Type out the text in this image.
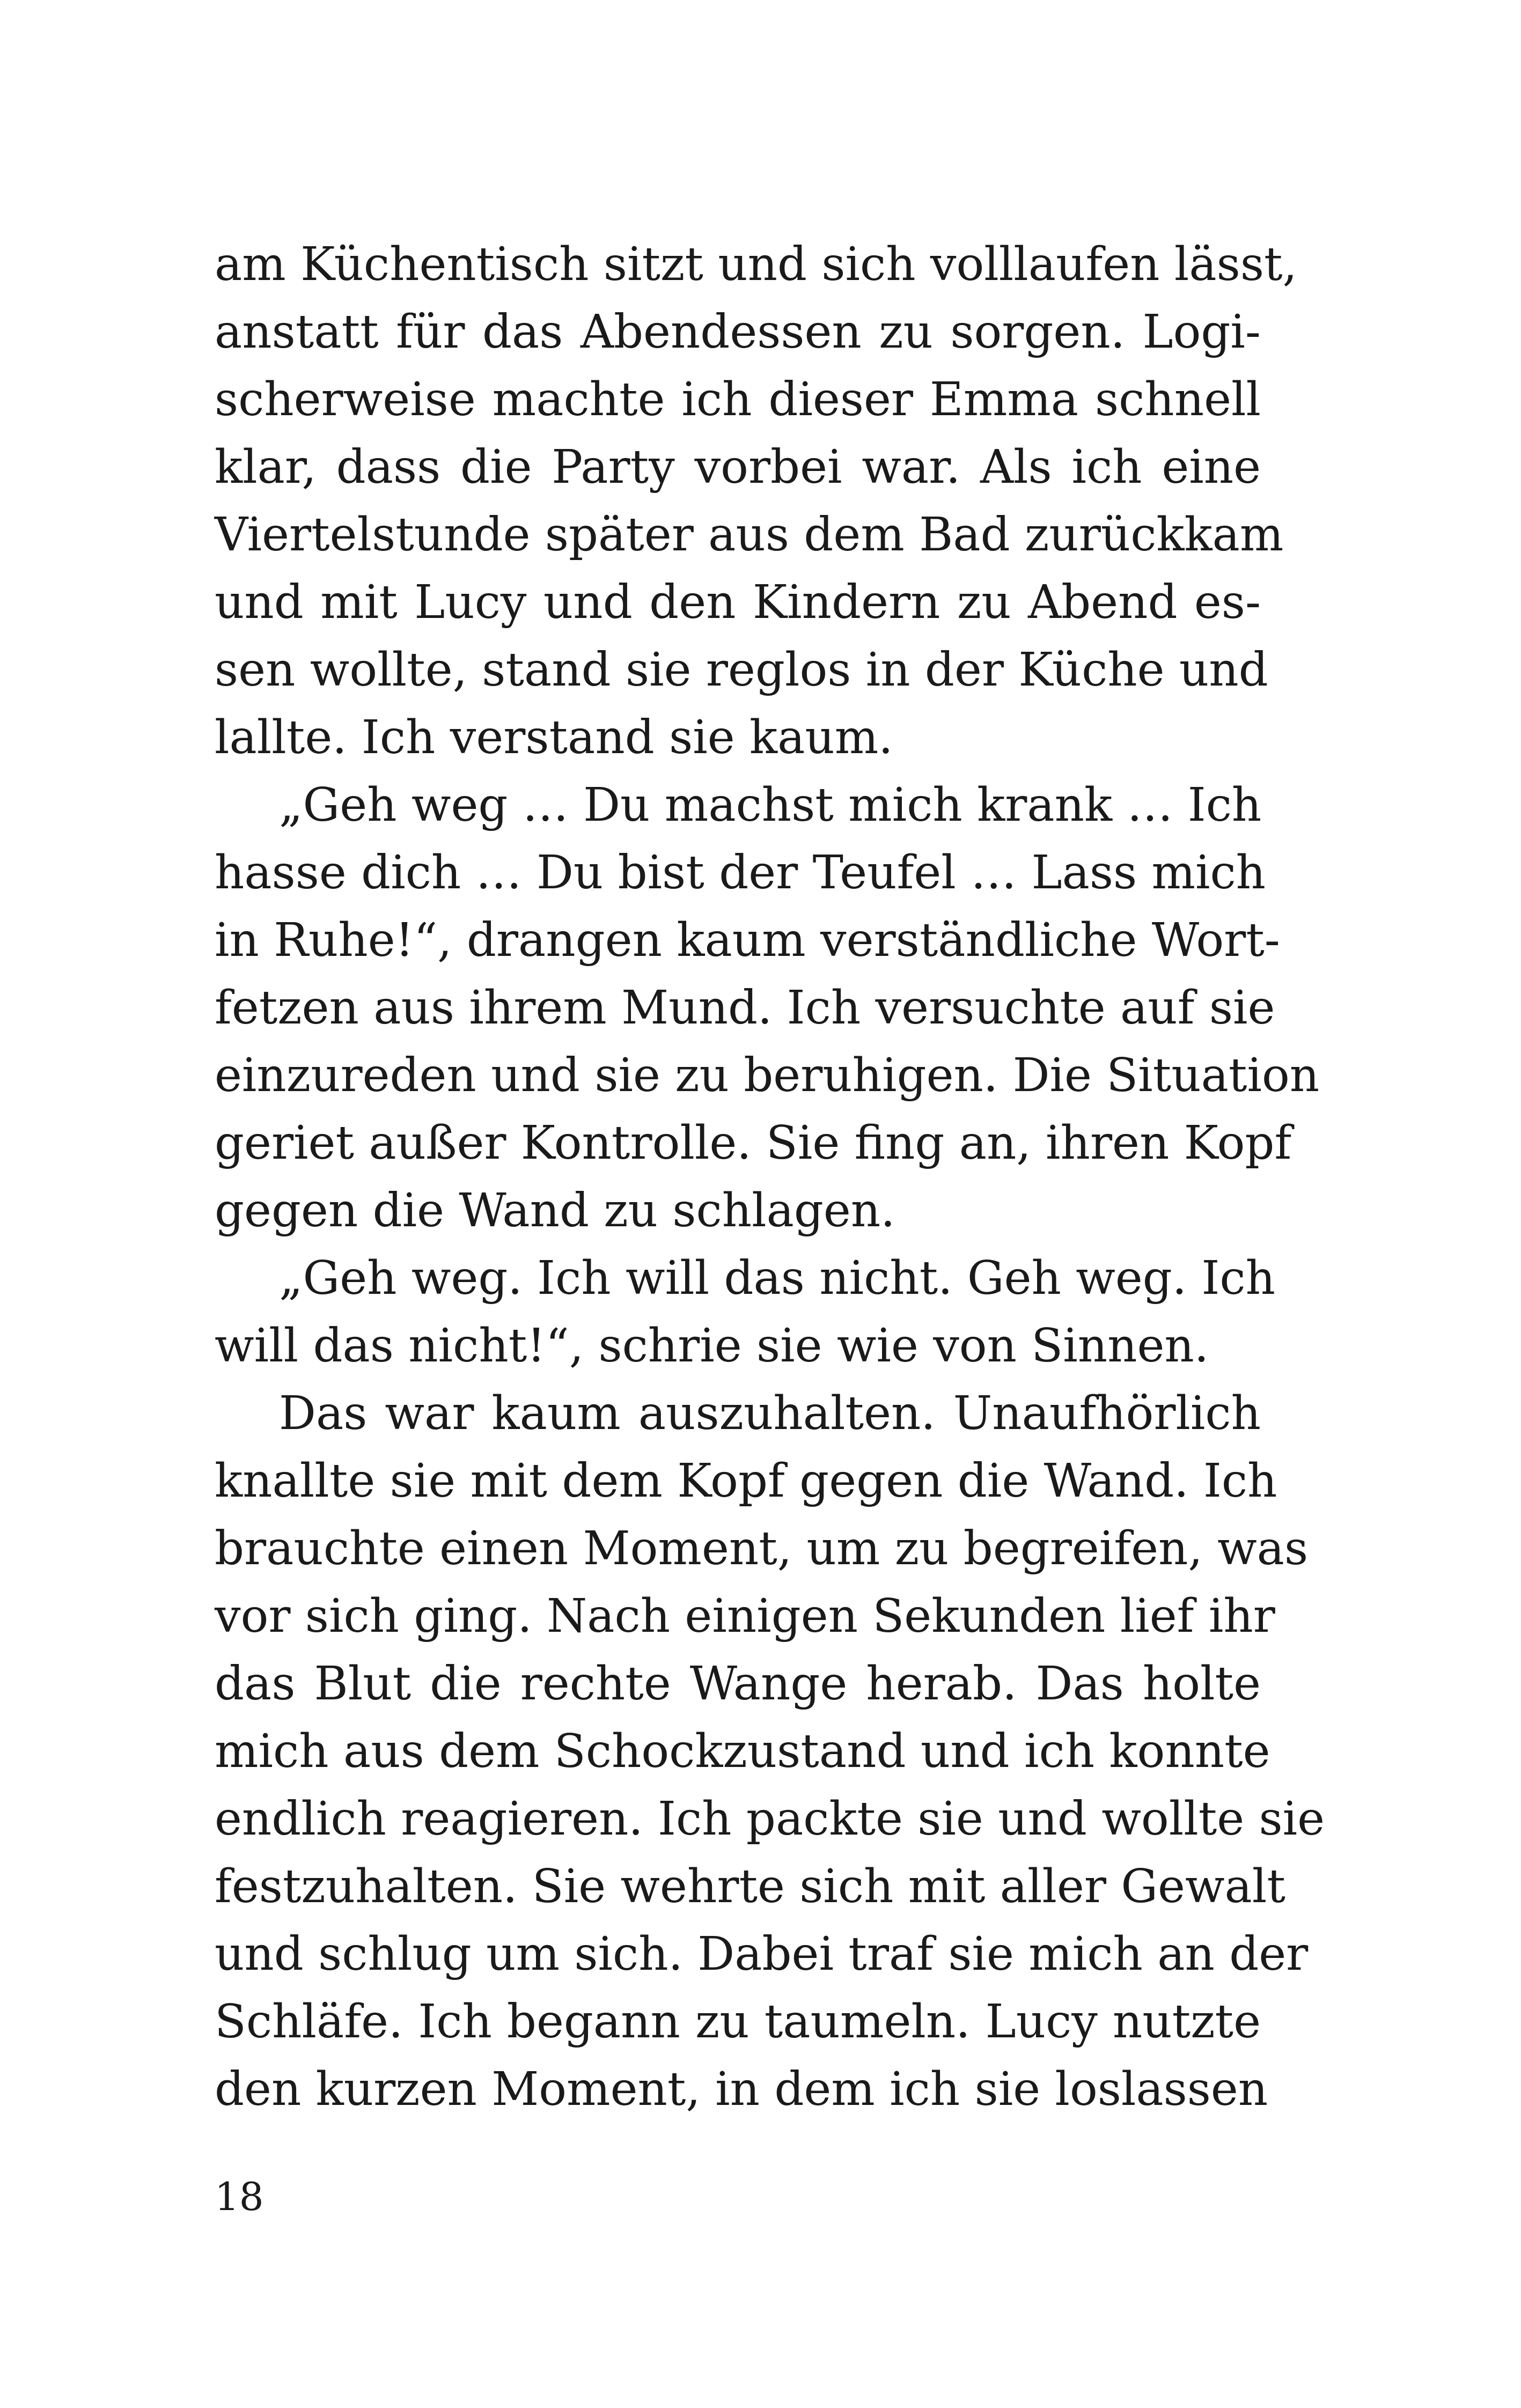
am Küchentisch sitzt und sich volllaufen lässt,
anstatt für das Abendessen zu sorgen. Logi-
scherweise machte ich dieser Emma schnell
klar, dass die Party vorbei war. Als ich eine
Viertelstunde später aus dem Bad zurückkam
und mit Lucy und den Kindern zu Abend es-
sen wollte, stand sie reglos in der Küche und
lallte. Ich verstand sie kaum.
„Geh weg … Du machst mich krank … Ich
hasse dich … Du bist der Teufel … Lass mich
in Ruhe!“, drangen kaum verständliche Wort-
fetzen aus ihrem Mund. Ich versuchte auf sie
einzureden und sie zu beruhigen. Die Situation
geriet außer Kontrolle. Sie fing an, ihren Kopf
gegen die Wand zu schlagen.
„Geh weg. Ich will das nicht. Geh weg. Ich
will das nicht!“, schrie sie wie von Sinnen.
Das war kaum auszuhalten. Unaufhörlich
knallte sie mit dem Kopf gegen die Wand. Ich
brauchte einen Moment, um zu begreifen, was
vor sich ging. Nach einigen Sekunden lief ihr
das Blut die rechte Wange herab. Das holte
mich aus dem Schockzustand und ich konnte
endlich reagieren. Ich packte sie und wollte sie
festzuhalten. Sie wehrte sich mit aller Gewalt
und schlug um sich. Dabei traf sie mich an der
Schläfe. Ich begann zu taumeln. Lucy nutzte
den kurzen Moment, in dem ich sie loslassen
18
